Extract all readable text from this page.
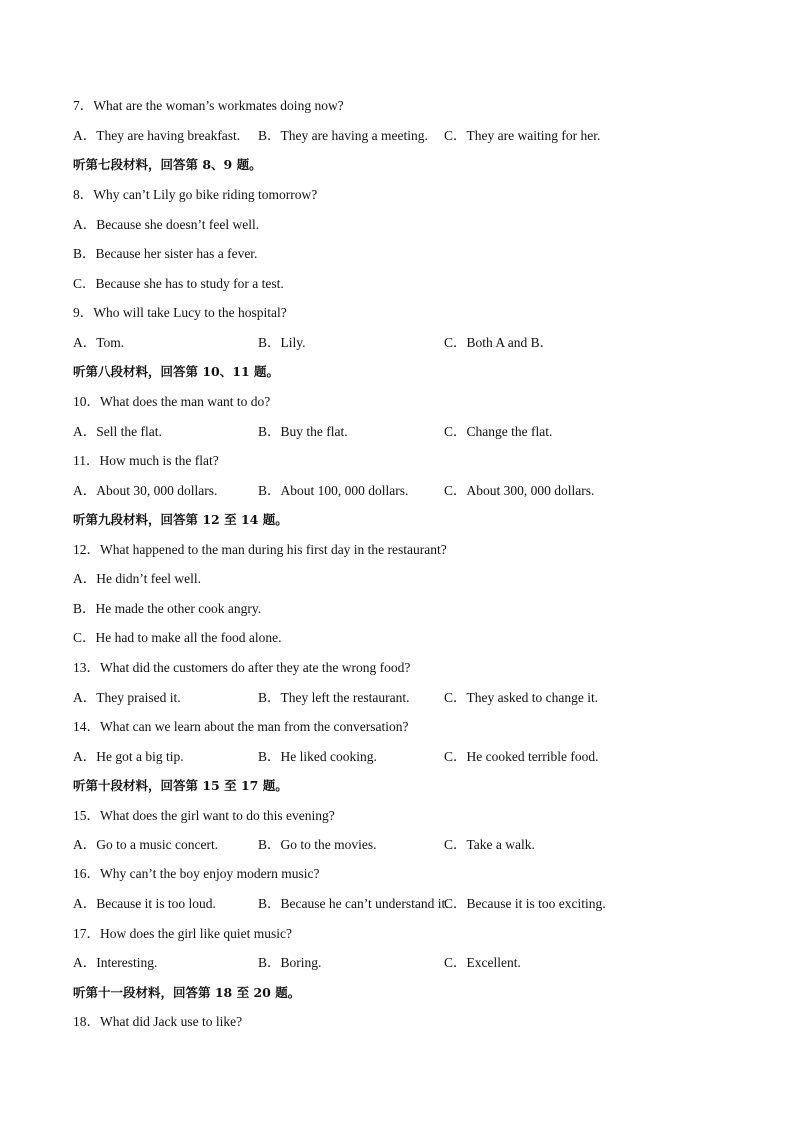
7．What are the woman’s workmates doing now?
A．They are having breakfast. B．They are having a meeting. C．They are waiting for her.
听第七段材料，回答第 8、9 题。
8．Why can’t Lily go bike riding tomorrow?
A．Because she doesn’t feel well.
B．Because her sister has a fever.
C．Because she has to study for a test.
9．Who will take Lucy to the hospital?
A．Tom.	B．Lily.	C．Both A and B．
听第八段材料，回答第 10、11 题。
10．What does the man want to do?
A．Sell the flat.	B．Buy the flat.	C．Change the flat.
11．How much is the flat?
A．About 30, 000 dollars.	B．About 100, 000 dollars.	C．About 300, 000 dollars.
听第九段材料，回答第 12 至 14 题。
12．What happened to the man during his first day in the restaurant?
A．He didn’t feel well.
B．He made the other cook angry.
C．He had to make all the food alone.
13．What did the customers do after they ate the wrong food?
A．They praised it.	B．They left the restaurant.	C．They asked to change it.
14．What can we learn about the man from the conversation?
A．He got a big tip.	B．He liked cooking.	C．He cooked terrible food.
听第十段材料，回答第 15 至 17 题。
15．What does the girl want to do this evening?
A．Go to a music concert.	B．Go to the movies.	C．Take a walk.
16．Why can’t the boy enjoy modern music?
A．Because it is too loud.	B．Because he can’t understand it.
C．Because it is too exciting.
17．How does the girl like quiet music?
A．Interesting.	B．Boring.	C．Excellent.
听第十一段材料，回答第 18 至 20 题。
18．What did Jack use to like?
